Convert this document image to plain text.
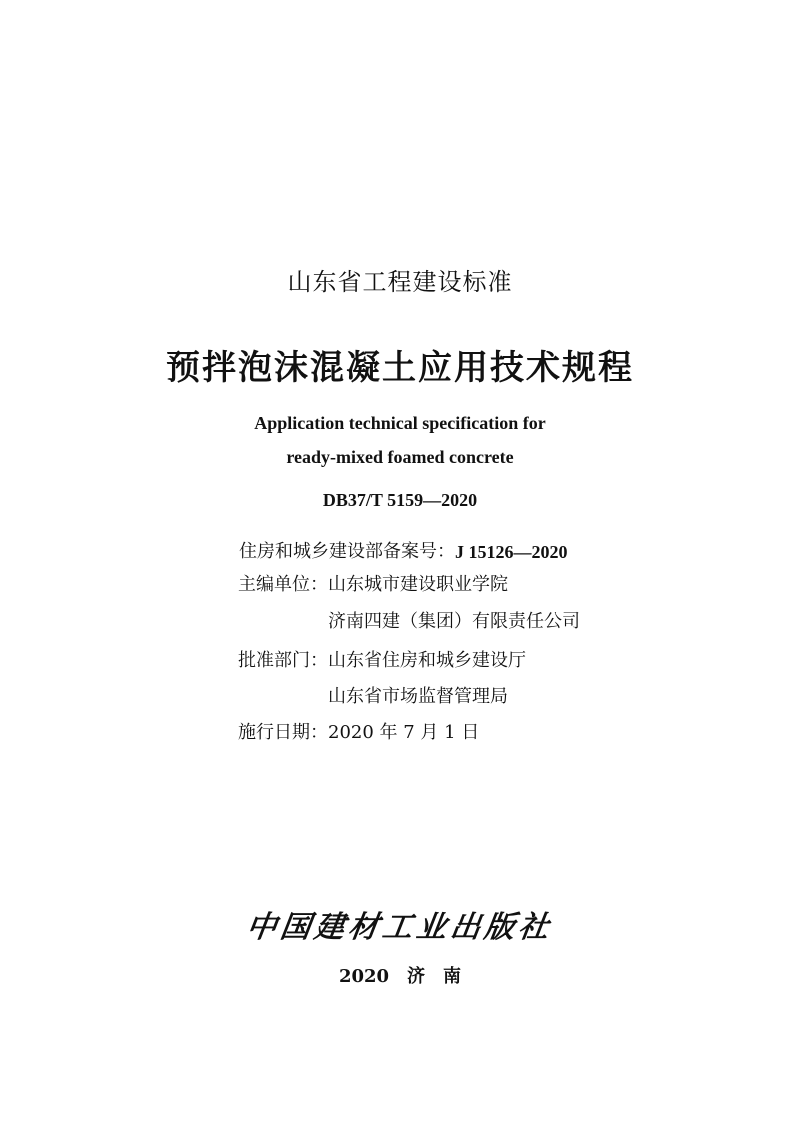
山东省工程建设标准
预拌泡沫混凝土应用技术规程
Application technical specification for
ready-mixed foamed concrete
DB37/T 5159—2020
住房和城乡建设部备案号： J 15126—2020
主编单位： 山东城市建设职业学院
济南四建（集团）有限责任公司
批准部门： 山东省住房和城乡建设厅
山东省市场监督管理局
施行日期： 2020 年 7 月 1 日
中国建材工业出版社
2020　济　南
